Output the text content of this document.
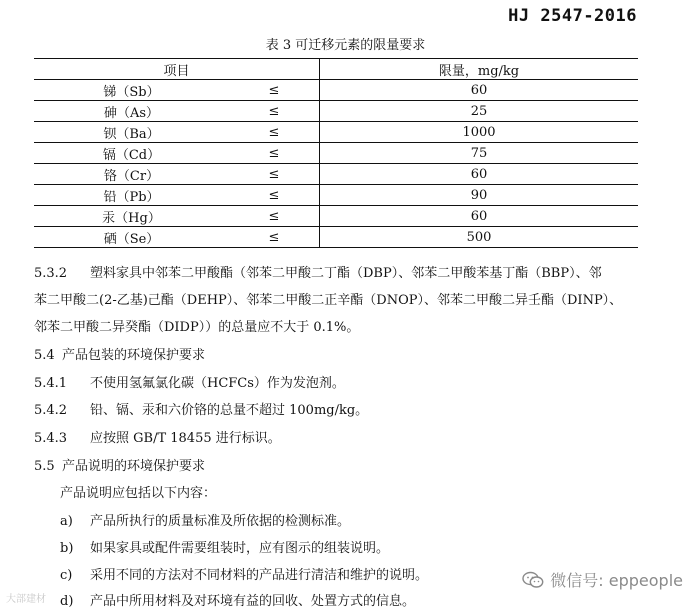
HJ 2547-2016
表 3 可迁移元素的限量要求
项目		限量，mg/kg
锑（Sb）	≤	60
砷（As）	≤	25
钡（Ba）	≤	1000
镉（Cd）	≤	75
铬（Cr）	≤	60
铅（Pb）	≤	90
汞（Hg）	≤	60
硒（Se）	≤	500
5.3.2 塑料家具中邻苯二甲酸酯（邻苯二甲酸二丁酯（DBP）、邻苯二甲酸苯基丁酯（BBP）、邻
苯二甲酸二(2-乙基)己酯（DEHP）、邻苯二甲酸二正辛酯（DNOP）、邻苯二甲酸二异壬酯（DINP）、
邻苯二甲酸二异癸酯（DIDP））的总量应不大于 0.1%。
5.4 产品包装的环境保护要求
5.4.1 不使用氢氟氯化碳（HCFCs）作为发泡剂。
5.4.2 铅、镉、汞和六价铬的总量不超过 100mg/kg。
5.4.3 应按照 GB/T 18455 进行标识。
5.5 产品说明的环境保护要求
产品说明应包括以下内容：
a) 产品所执行的质量标准及所依据的检测标准。
b) 如果家具或配件需要组装时，应有图示的组装说明。
c) 采用不同的方法对不同材料的产品进行清洁和维护的说明。
d) 产品中所用材料及对环境有益的回收、处置方式的信息。
大部建材
微信号: eppeople
